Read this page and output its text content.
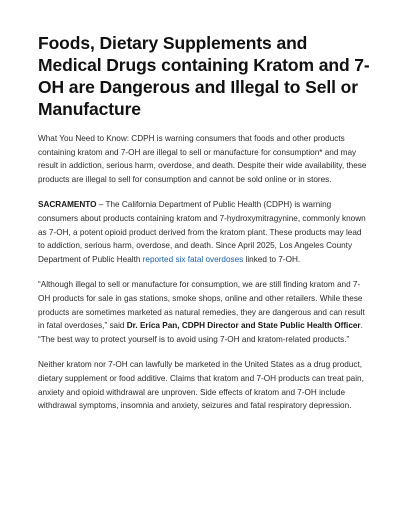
Foods, Dietary Supplements and Medical Drugs containing Kratom and 7-OH are Dangerous and Illegal to Sell or Manufacture

What You Need to Know: CDPH is warning consumers that foods and other products containing kratom and 7-OH are illegal to sell or manufacture for consumption* and may result in addiction, serious harm, overdose, and death. Despite their wide availability, these products are illegal to sell for consumption and cannot be sold online or in stores.

SACRAMENTO – The California Department of Public Health (CDPH) is warning consumers about products containing kratom and 7-hydroxymitragynine, commonly known as 7-OH, a potent opioid product derived from the kratom plant. These products may lead to addiction, serious harm, overdose, and death. Since April 2025, Los Angeles County Department of Public Health reported six fatal overdoses linked to 7-OH.

“Although illegal to sell or manufacture for consumption, we are still finding kratom and 7-OH products for sale in gas stations, smoke shops, online and other retailers. While these products are sometimes marketed as natural remedies, they are dangerous and can result in fatal overdoses,” said Dr. Erica Pan, CDPH Director and State Public Health Officer. “The best way to protect yourself is to avoid using 7-OH and kratom-related products.”

Neither kratom nor 7-OH can lawfully be marketed in the United States as a drug product, dietary supplement or food additive. Claims that kratom and 7-OH products can treat pain, anxiety and opioid withdrawal are unproven. Side effects of kratom and 7-OH include withdrawal symptoms, insomnia and anxiety, seizures and fatal respiratory depression.
